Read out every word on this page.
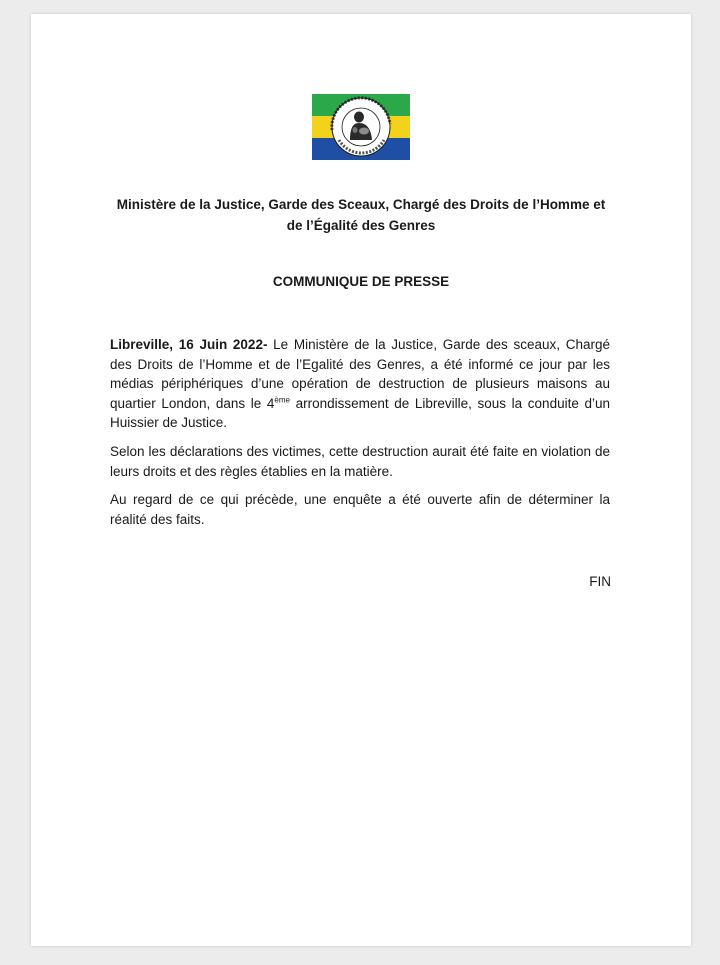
Ministère de la Justice, Garde des Sceaux, Chargé des Droits de l’Homme et
de l’Égalité des Genres
COMMUNIQUE DE PRESSE

Libreville, 16 Juin 2022- Le Ministère de la Justice, Garde des sceaux, Chargé des Droits de l’Homme et de l’Egalité des Genres, a été informé ce jour par les médias périphériques d’une opération de destruction de plusieurs maisons au quartier London, dans le 4ème arrondissement de Libreville, sous la conduite d’un Huissier de Justice.

Selon les déclarations des victimes, cette destruction aurait été faite en violation de leurs droits et des règles établies en la matière.

Au regard de ce qui précède, une enquête a été ouverte afin de déterminer la réalité des faits.

FIN
